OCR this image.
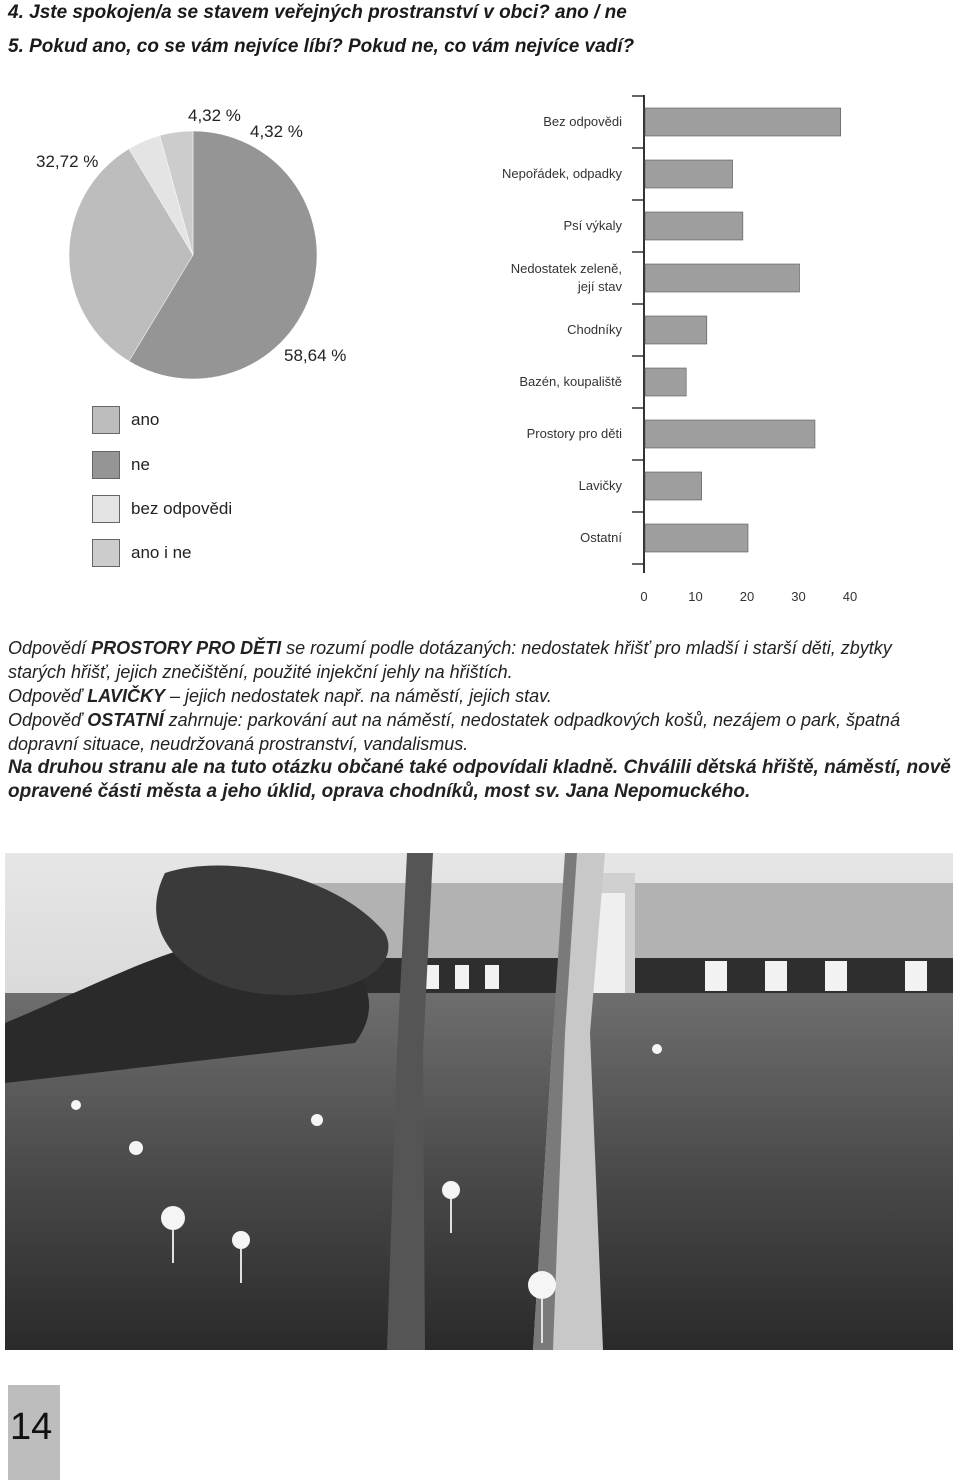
4. Jste spokojen/a se stavem veřejných prostranství v obci? ano / ne

5. Pokud ano, co se vám nejvíce líbí? Pokud ne, co vám nejvíce vadí?

32,72 %
4,32 %
4,32 %
58,64 %
ano
ne
bez odpovědi
ano i ne
Bez odpovědi
Nepořádek, odpadky
Psí výkaly
Nedostatek zeleně,
její stav
Chodníky
Bazén, koupaliště
Prostory pro děti
Lavičky
Ostatní
0	10	20	30	40

Odpovědí PROSTORY PRO DĚTI se rozumí podle dotázaných: nedostatek hřišť pro mladší i starší děti, zbytky starých hřišť, jejich znečištění, použité injekční jehly na hřištích.

Odpověď LAVIČKY – jejich nedostatek např. na náměstí, jejich stav.

Odpověď OSTATNÍ zahrnuje: parkování aut na náměstí, nedostatek odpadkových košů, nezájem o park, špatná dopravní situace, neudržovaná prostranství, vandalismus.

Na druhou stranu ale na tuto otázku občané také odpovídali kladně. Chválili dětská hřiště, náměstí, nově opravené části města a jeho úklid, oprava chodníků, most sv. Jana Nepomuckého.

14
